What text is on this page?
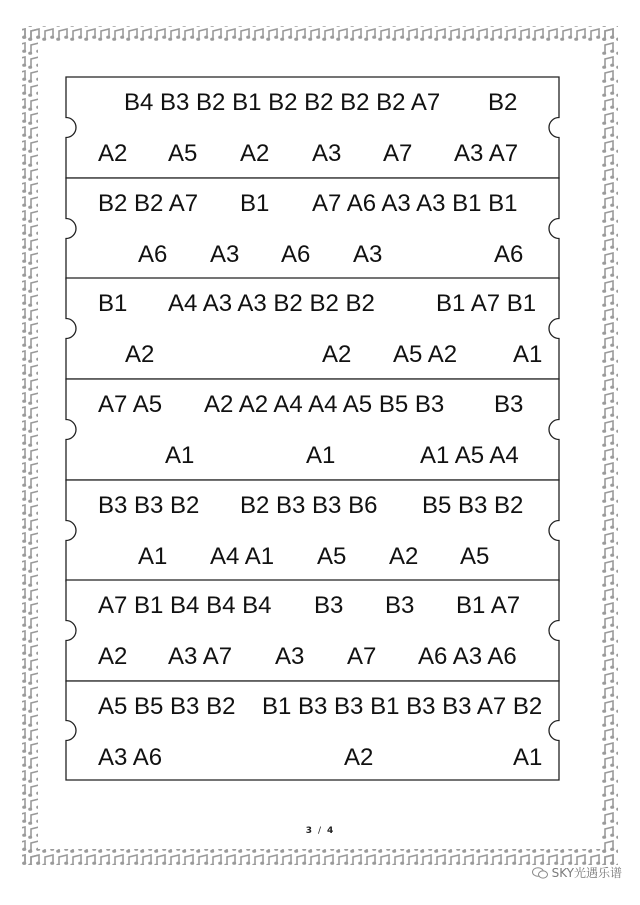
B4 B3 B2 B1 B2 B2 B2 B2 A7 B2
A2 A5 A2 A3 A7 A3 A7
B2 B2 A7 B1 A7 A6 A3 A3 B1 B1
A6 A3 A6 A3	A6
B1 A4 A3 A3 B2 B2 B2	B1 A7 B1
A2	A2 A5 A2 A1
A7 A5 A2 A2 A4 A4 A5 B5 B3 B3
A1	A1	A1 A5 A4
B3 B3 B2 B2 B3 B3 B6 B5 B3 B2
A1 A4 A1 A5 A2 A5
A7 B1 B4 B4 B4 B3 B3 B1 A7
A2 A3 A7 A3 A7 A6 A3 A6
A5 B5 B3 B2 B1 B3 B3 B1 B3 B3 A7 B2
A3 A6	A2	A1
3 / 4
SKY光遇乐谱
